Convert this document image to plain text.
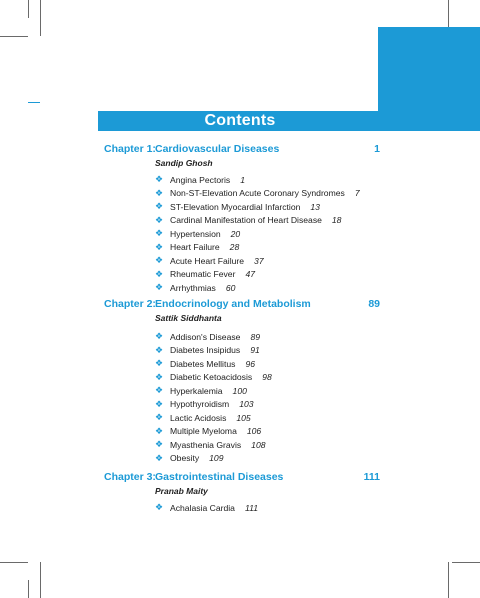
Contents
Chapter 1: Cardiovascular Diseases	1
Sandip Ghosh
❖ Angina Pectoris 1
❖ Non-ST-Elevation Acute Coronary Syndromes 7
❖ ST-Elevation Myocardial Infarction 13
❖ Cardinal Manifestation of Heart Disease 18
❖ Hypertension 20
❖ Heart Failure 28
❖ Acute Heart Failure 37
❖ Rheumatic Fever 47
❖ Arrhythmias 60
Chapter 2: Endocrinology and Metabolism	89
Sattik Siddhanta
❖ Addison's Disease 89
❖ Diabetes Insipidus 91
❖ Diabetes Mellitus 96
❖ Diabetic Ketoacidosis 98
❖ Hyperkalemia 100
❖ Hypothyroidism 103
❖ Lactic Acidosis 105
❖ Multiple Myeloma 106
❖ Myasthenia Gravis 108
❖ Obesity 109
Chapter 3: Gastrointestinal Diseases	111
Pranab Maity
❖ Achalasia Cardia 111
